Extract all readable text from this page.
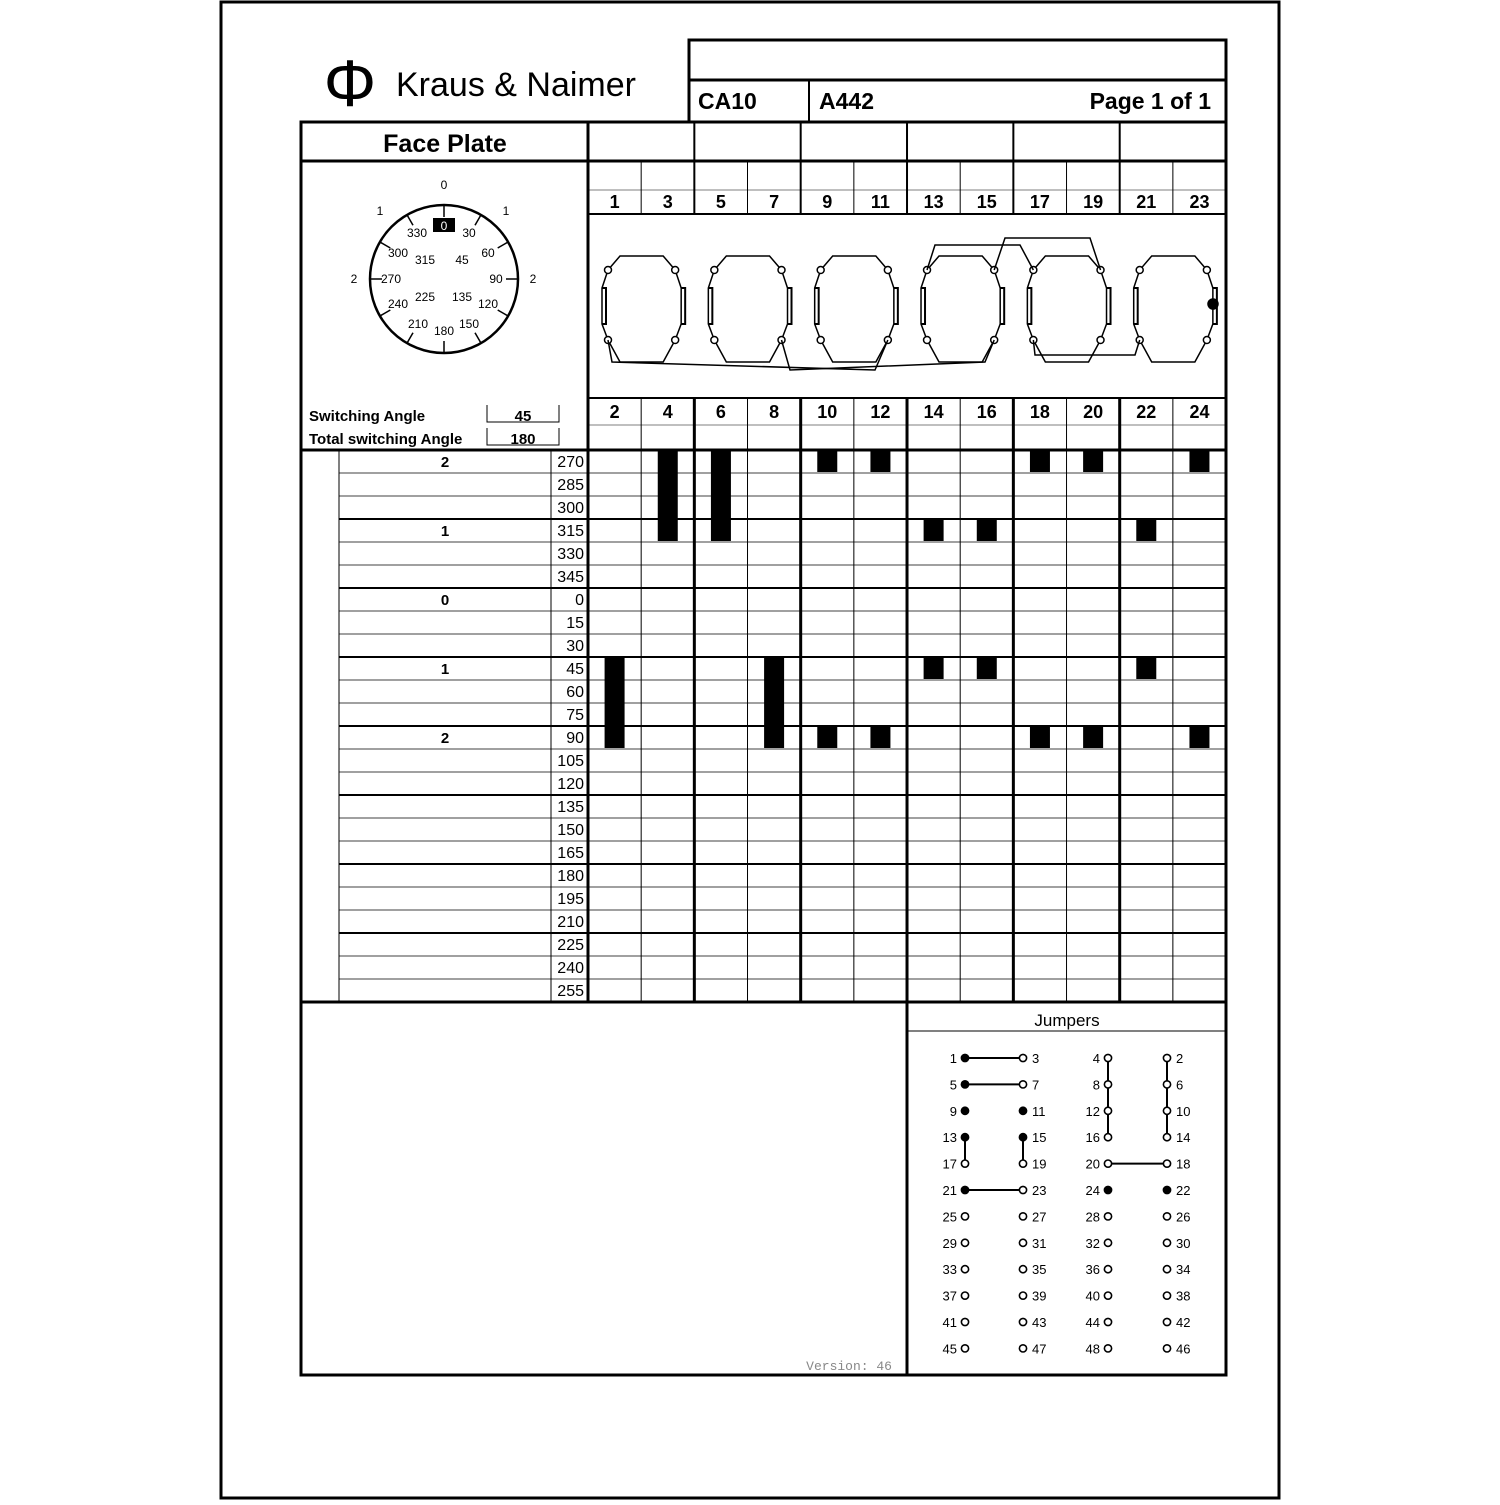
Φ Kraus & Naimer	CA10	A442	Page 1 of 1
Face Plate
0
0
1	1
2	2
330	30
300 315 45 60
270	90
240 225 135 120
210 180 150
Switching Angle	45
Total switching Angle	180
1 3 5 7 9 11 13 15 17 19 21 23
2 4 6 8 10 12 14 16 18 20 22 24
2	270
285
300
1	315
330
345
0	0
15
30
1	45
60
75
2	90
105
120
135
150
165
180
195
210
225
240
255
Jumpers
1	3	4	2
5	7	8	6
9	11	12	10
13	15	16	14
17	19	20	18
21	23	24	22
25	27	28	26
29	31	32	30
33	35	36	34
37	39	40	38
41	43	44	42
45	47	48	46
Version: 46
